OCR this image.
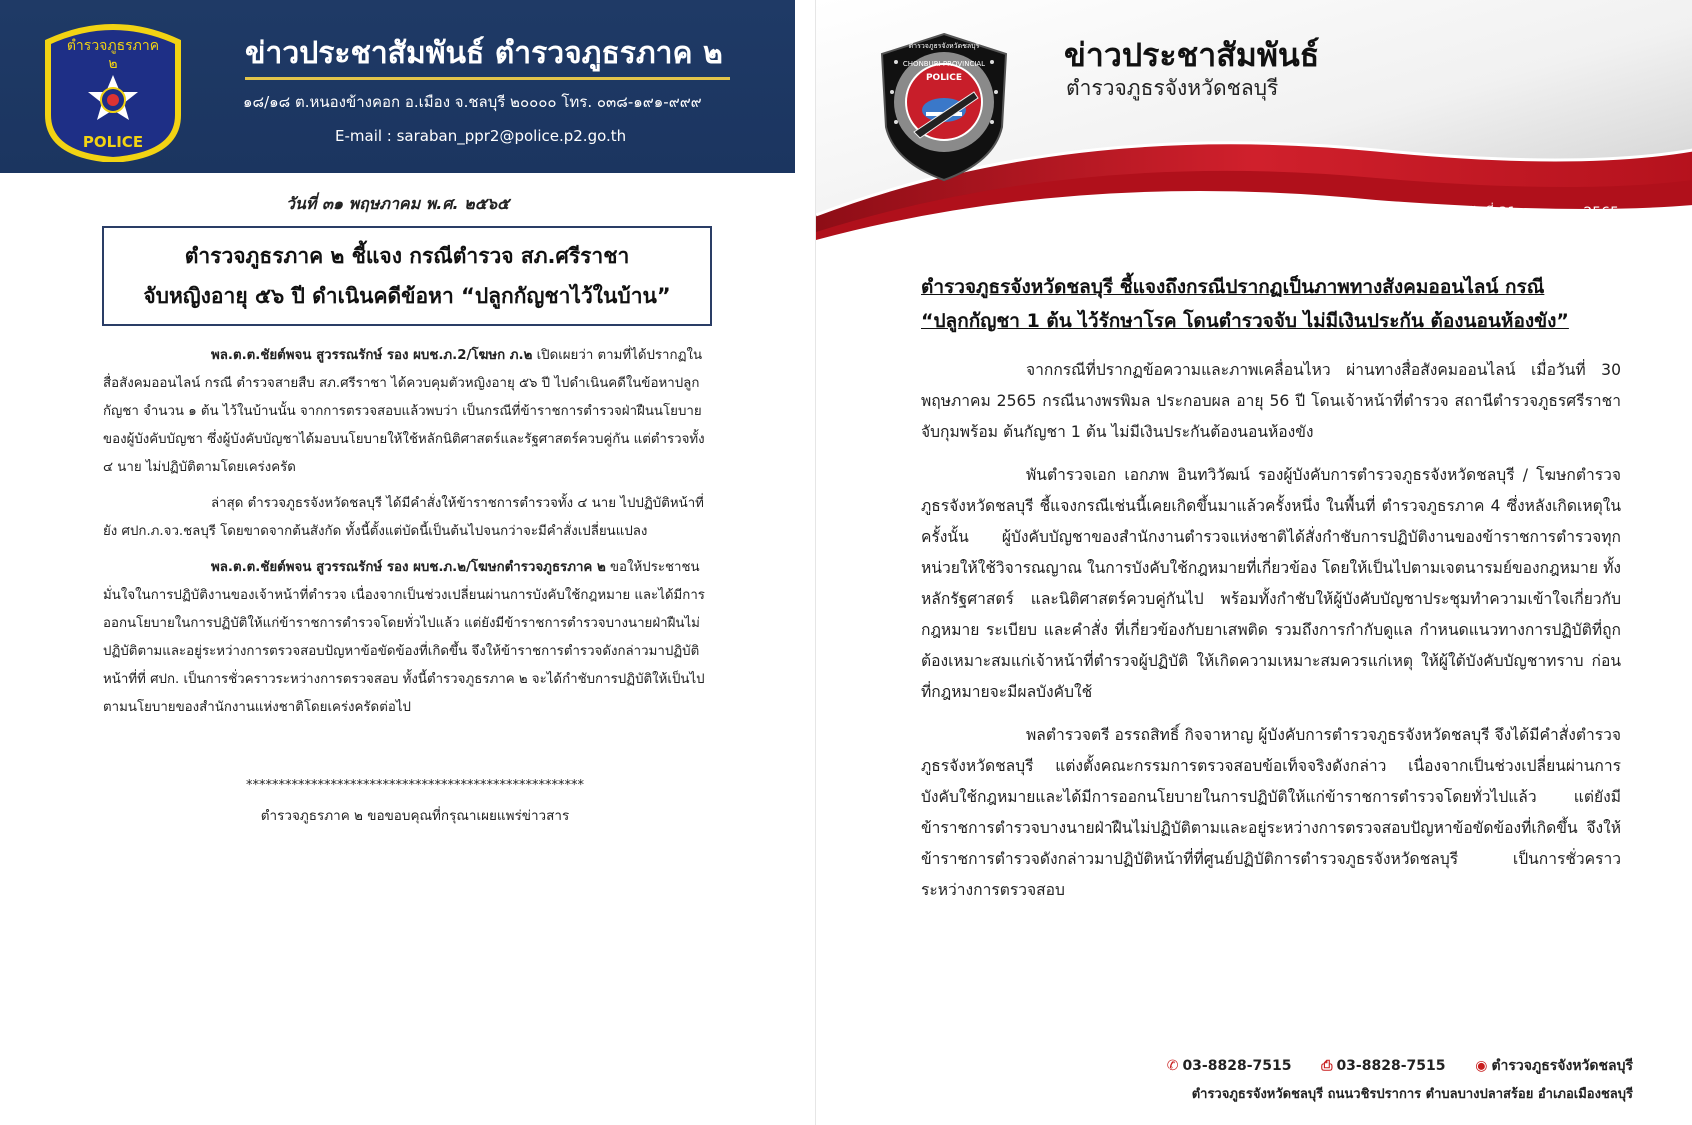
ตำรวจภูธรภาค
๒
POLICE
ข่าวประชาสัมพันธ์ ตำรวจภูธรภาค ๒
๑๘/๑๘ ต.หนองข้างคอก อ.เมือง จ.ชลบุรี ๒๐๐๐๐ โทร. ๐๓๘-๑๙๑-๙๙๙
E-mail : saraban_ppr2@police.p2.go.th
วันที่ ๓๑ พฤษภาคม พ.ศ. ๒๕๖๕
ตำรวจภูธรภาค ๒ ชี้แจง กรณีตำรวจ สภ.ศรีราชา
จับหญิงอายุ ๕๖ ปี ดำเนินคดีข้อหา “ปลูกกัญชาไว้ในบ้าน”

พล.ต.ต.ชัยต์พจน สูวรรณรักษ์ รอง ผบช.ภ.2/โฆษก ภ.๒ เปิดเผยว่า ตามที่ได้ปรากฏในสื่อสังคมออนไลน์ กรณี ตำรวจสายสืบ สภ.ศรีราชา ได้ควบคุมตัวหญิงอายุ ๕๖ ปี ไปดำเนินคดีในข้อหาปลูกกัญชา จำนวน ๑ ต้น ไว้ในบ้านนั้น จากการตรวจสอบแล้วพบว่า เป็นกรณีที่ข้าราชการตำรวจฝ่าฝืนนโยบายของผู้บังคับบัญชา ซึ่งผู้บังคับบัญชาได้มอบนโยบายให้ใช้หลักนิติศาสตร์และรัฐศาสตร์ควบคู่กัน แต่ตำรวจทั้ง ๔ นาย ไม่ปฏิบัติตามโดยเคร่งครัด

ล่าสุด ตำรวจภูธรจังหวัดชลบุรี ได้มีคำสั่งให้ข้าราชการตำรวจทั้ง ๔ นาย ไปปฏิบัติหน้าที่ยัง ศปก.ภ.จว.ชลบุรี โดยขาดจากต้นสังกัด ทั้งนี้ตั้งแต่บัดนี้เป็นต้นไปจนกว่าจะมีคำสั่งเปลี่ยนแปลง

พล.ต.ต.ชัยต์พจน สูวรรณรักษ์ รอง ผบช.ภ.๒/โฆษกตำรวจภูธรภาค ๒ ขอให้ประชาชนมั่นใจในการปฏิบัติงานของเจ้าหน้าที่ตำรวจ เนื่องจากเป็นช่วงเปลี่ยนผ่านการบังคับใช้กฎหมาย และได้มีการออกนโยบายในการปฏิบัติให้แก่ข้าราชการตำรวจโดยทั่วไปแล้ว แต่ยังมีข้าราชการตำรวจบางนายฝ่าฝืนไม่ปฏิบัติตามและอยู่ระหว่างการตรวจสอบปัญหาข้อขัดข้องที่เกิดขึ้น จึงให้ข้าราชการตำรวจดังกล่าวมาปฏิบัติหน้าที่ที่ ศปก. เป็นการชั่วคราวระหว่างการตรวจสอบ ทั้งนี้ตำรวจภูธรภาค ๒ จะได้กำชับการปฏิบัติให้เป็นไปตามนโยบายของสำนักงานแห่งชาติโดยเคร่งครัดต่อไป

****************************************************
ตำรวจภูธรภาค ๒ ขอขอบคุณที่กรุณาเผยแพร่ข่าวสาร
CHONBURI PROVINCIAL
POLICE
ตำรวจภูธรจังหวัดชลบุรี	ข่าวประชาสัมพันธ์
ตำรวจภูธรจังหวัดชลบุรี
ประจำวันที่ 31พฤษภาคม 2565
ตำรวจภูธรจังหวัดชลบุรี ชี้แจงถึงกรณีปรากฏเป็นภาพทางสังคมออนไลน์ กรณี
“ปลูกกัญชา 1 ต้น ไว้รักษาโรค โดนตำรวจจับ ไม่มีเงินประกัน ต้องนอนห้องขัง”

จากกรณีที่ปรากฏข้อความและภาพเคลื่อนไหว ผ่านทางสื่อสังคมออนไลน์ เมื่อวันที่ 30 พฤษภาคม 2565 กรณีนางพรพิมล ประกอบผล อายุ 56 ปี โดนเจ้าหน้าที่ตำรวจ สถานีตำรวจภูธรศรีราชา จับกุมพร้อม ต้นกัญชา 1 ต้น ไม่มีเงินประกันต้องนอนห้องขัง

พันตำรวจเอก เอกภพ อินทวิวัฒน์ รองผู้บังคับการตำรวจภูธรจังหวัดชลบุรี / โฆษกตำรวจภูธรจังหวัดชลบุรี ชี้แจงกรณีเช่นนี้เคยเกิดขึ้นมาแล้วครั้งหนึ่ง ในพื้นที่ ตำรวจภูธรภาค 4 ซึ่งหลังเกิดเหตุในครั้งนั้น ผู้บังคับบัญชาของสำนักงานตำรวจแห่งชาติได้สั่งกำชับการปฏิบัติงานของข้าราชการตำรวจทุกหน่วยให้ใช้วิจารณญาณ ในการบังคับใช้กฎหมายที่เกี่ยวข้อง โดยให้เป็นไปตามเจตนารมย์ของกฎหมาย ทั้งหลักรัฐศาสตร์ และนิติศาสตร์ควบคู่กันไป พร้อมทั้งกำชับให้ผู้บังคับบัญชาประชุมทำความเข้าใจเกี่ยวกับกฎหมาย ระเบียบ และคำสั่ง ที่เกี่ยวข้องกับยาเสพติด รวมถึงการกำกับดูแล กำหนดแนวทางการปฏิบัติที่ถูกต้องเหมาะสมแก่เจ้าหน้าที่ตำรวจผู้ปฏิบัติ ให้เกิดความเหมาะสมควรแก่เหตุ ให้ผู้ใต้บังคับบัญชาทราบ ก่อนที่กฎหมายจะมีผลบังคับใช้

พลตำรวจตรี อรรถสิทธิ์ กิจจาหาญ ผู้บังคับการตำรวจภูธรจังหวัดชลบุรี จึงได้มีคำสั่งตำรวจภูธรจังหวัดชลบุรี แต่งตั้งคณะกรรมการตรวจสอบข้อเท็จจริงดังกล่าว เนื่องจากเป็นช่วงเปลี่ยนผ่านการบังคับใช้กฎหมายและได้มีการออกนโยบายในการปฏิบัติให้แก่ข้าราชการตำรวจโดยทั่วไปแล้ว แต่ยังมีข้าราชการตำรวจบางนายฝ่าฝืนไม่ปฏิบัติตามและอยู่ระหว่างการตรวจสอบปัญหาข้อขัดข้องที่เกิดขึ้น จึงให้ข้าราชการตำรวจดังกล่าวมาปฏิบัติหน้าที่ที่ศูนย์ปฏิบัติการตำรวจภูธรจังหวัดชลบุรี เป็นการชั่วคราวระหว่างการตรวจสอบ

✆ 03-8828-7515 ⎙ 03-8828-7515 ◉ ตำรวจภูธรจังหวัดชลบุรี
ตำรวจภูธรจังหวัดชลบุรี ถนนวชิรปราการ ตำบลบางปลาสร้อย อำเภอเมืองชลบุรี
